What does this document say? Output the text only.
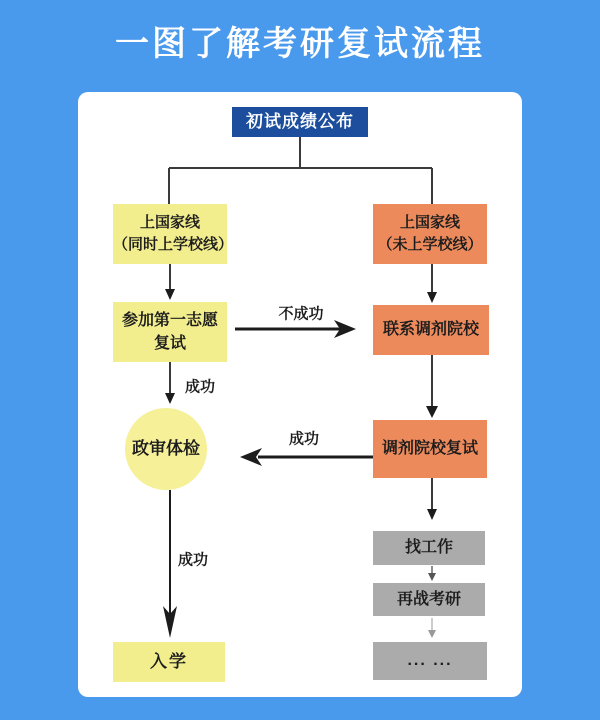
一图了解考研复试流程
初试成绩公布
上国家线
（同时上学校线）
上国家线
（未上学校线）
参加第一志愿
复试
联系调剂院校
政审体检	调剂院校复试
找工作
再战考研
... ...
入学
不成功
成功
成功
成功
